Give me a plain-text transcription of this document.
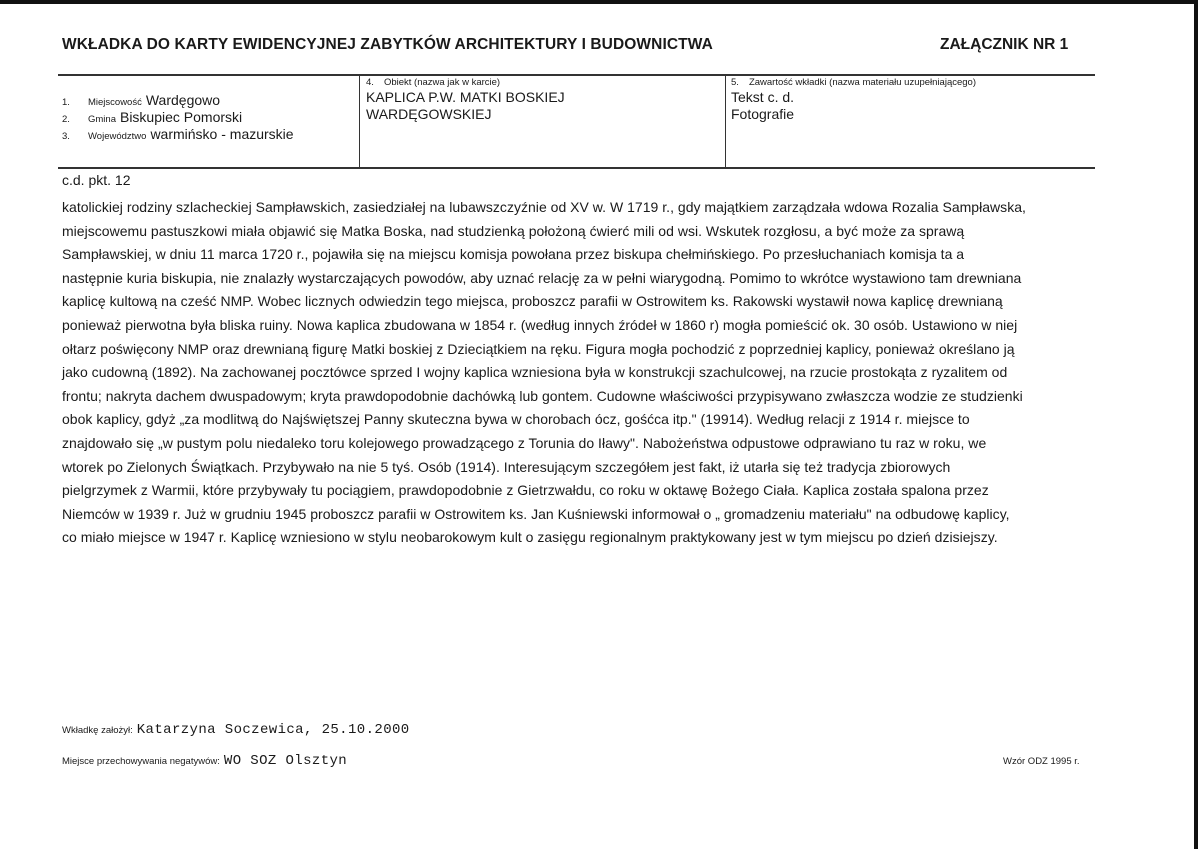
WKŁADKA DO KARTY EWIDENCYJNEJ ZABYTKÓW ARCHITEKTURY I BUDOWNICTWA	ZAŁĄCZNIK NR 1
1.	Miejscowość Wardęgowo
2.	Gmina Biskupiec Pomorski
3.	Województwo warmińsko - mazurskie
4. Obiekt (nazwa jak w karcie)
KAPLICA P.W. MATKI BOSKIEJ
WARDĘGOWSKIEJ
5. Zawartość wkładki (nazwa materiału uzupełniającego)
Tekst c. d.
Fotografie
c.d. pkt. 12
katolickiej rodziny szlacheckiej Sampławskich, zasiedziałej na lubawszczyźnie od XV w. W 1719 r., gdy majątkiem zarządzała wdowa Rozalia Sampławska,
miejscowemu pastuszkowi miała objawić się Matka Boska, nad studzienką położoną ćwierć mili od wsi. Wskutek rozgłosu, a być może za sprawą
Sampławskiej, w dniu 11 marca 1720 r., pojawiła się na miejscu komisja powołana przez biskupa chełmińskiego. Po przesłuchaniach komisja ta a
następnie kuria biskupia, nie znalazły wystarczających powodów, aby uznać relację za w pełni wiarygodną. Pomimo to wkrótce wystawiono tam drewniana
kaplicę kultową na cześć NMP. Wobec licznych odwiedzin tego miejsca, proboszcz parafii w Ostrowitem ks. Rakowski wystawił nowa kaplicę drewnianą
ponieważ pierwotna była bliska ruiny. Nowa kaplica zbudowana w 1854 r. (według innych źródeł w 1860 r) mogła pomieścić ok. 30 osób. Ustawiono w niej
ołtarz poświęcony NMP oraz drewnianą figurę Matki boskiej z Dzieciątkiem na ręku. Figura mogła pochodzić z poprzedniej kaplicy, ponieważ określano ją
jako cudowną (1892). Na zachowanej pocztówce sprzed I wojny kaplica wzniesiona była w konstrukcji szachulcowej, na rzucie prostokąta z ryzalitem od
frontu; nakryta dachem dwuspadowym; kryta prawdopodobnie dachówką lub gontem. Cudowne właściwości przypisywano zwłaszcza wodzie ze studzienki
obok kaplicy, gdyż „za modlitwą do Najświętszej Panny skuteczna bywa w chorobach ócz, gośćca itp." (19914). Według relacji z 1914 r. miejsce to
znajdowało się „w pustym polu niedaleko toru kolejowego prowadzącego z Torunia do Iławy". Nabożeństwa odpustowe odprawiano tu raz w roku, we
wtorek po Zielonych Świątkach. Przybywało na nie 5 tyś. Osób (1914). Interesującym szczegółem jest fakt, iż utarła się też tradycja zbiorowych
pielgrzymek z Warmii, które przybywały tu pociągiem, prawdopodobnie z Gietrzwałdu, co roku w oktawę Bożego Ciała. Kaplica została spalona przez
Niemców w 1939 r. Już w grudniu 1945 proboszcz parafii w Ostrowitem ks. Jan Kuśniewski informował o „ gromadzeniu materiału" na odbudowę kaplicy,
co miało miejsce w 1947 r. Kaplicę wzniesiono w stylu neobarokowym kult o zasięgu regionalnym praktykowany jest w tym miejscu po dzień dzisiejszy.
Wkładkę założył: Katarzyna Soczewica, 25.10.2000
Miejsce przechowywania negatywów: WO SOZ Olsztyn	Wzór ODZ 1995 r.
